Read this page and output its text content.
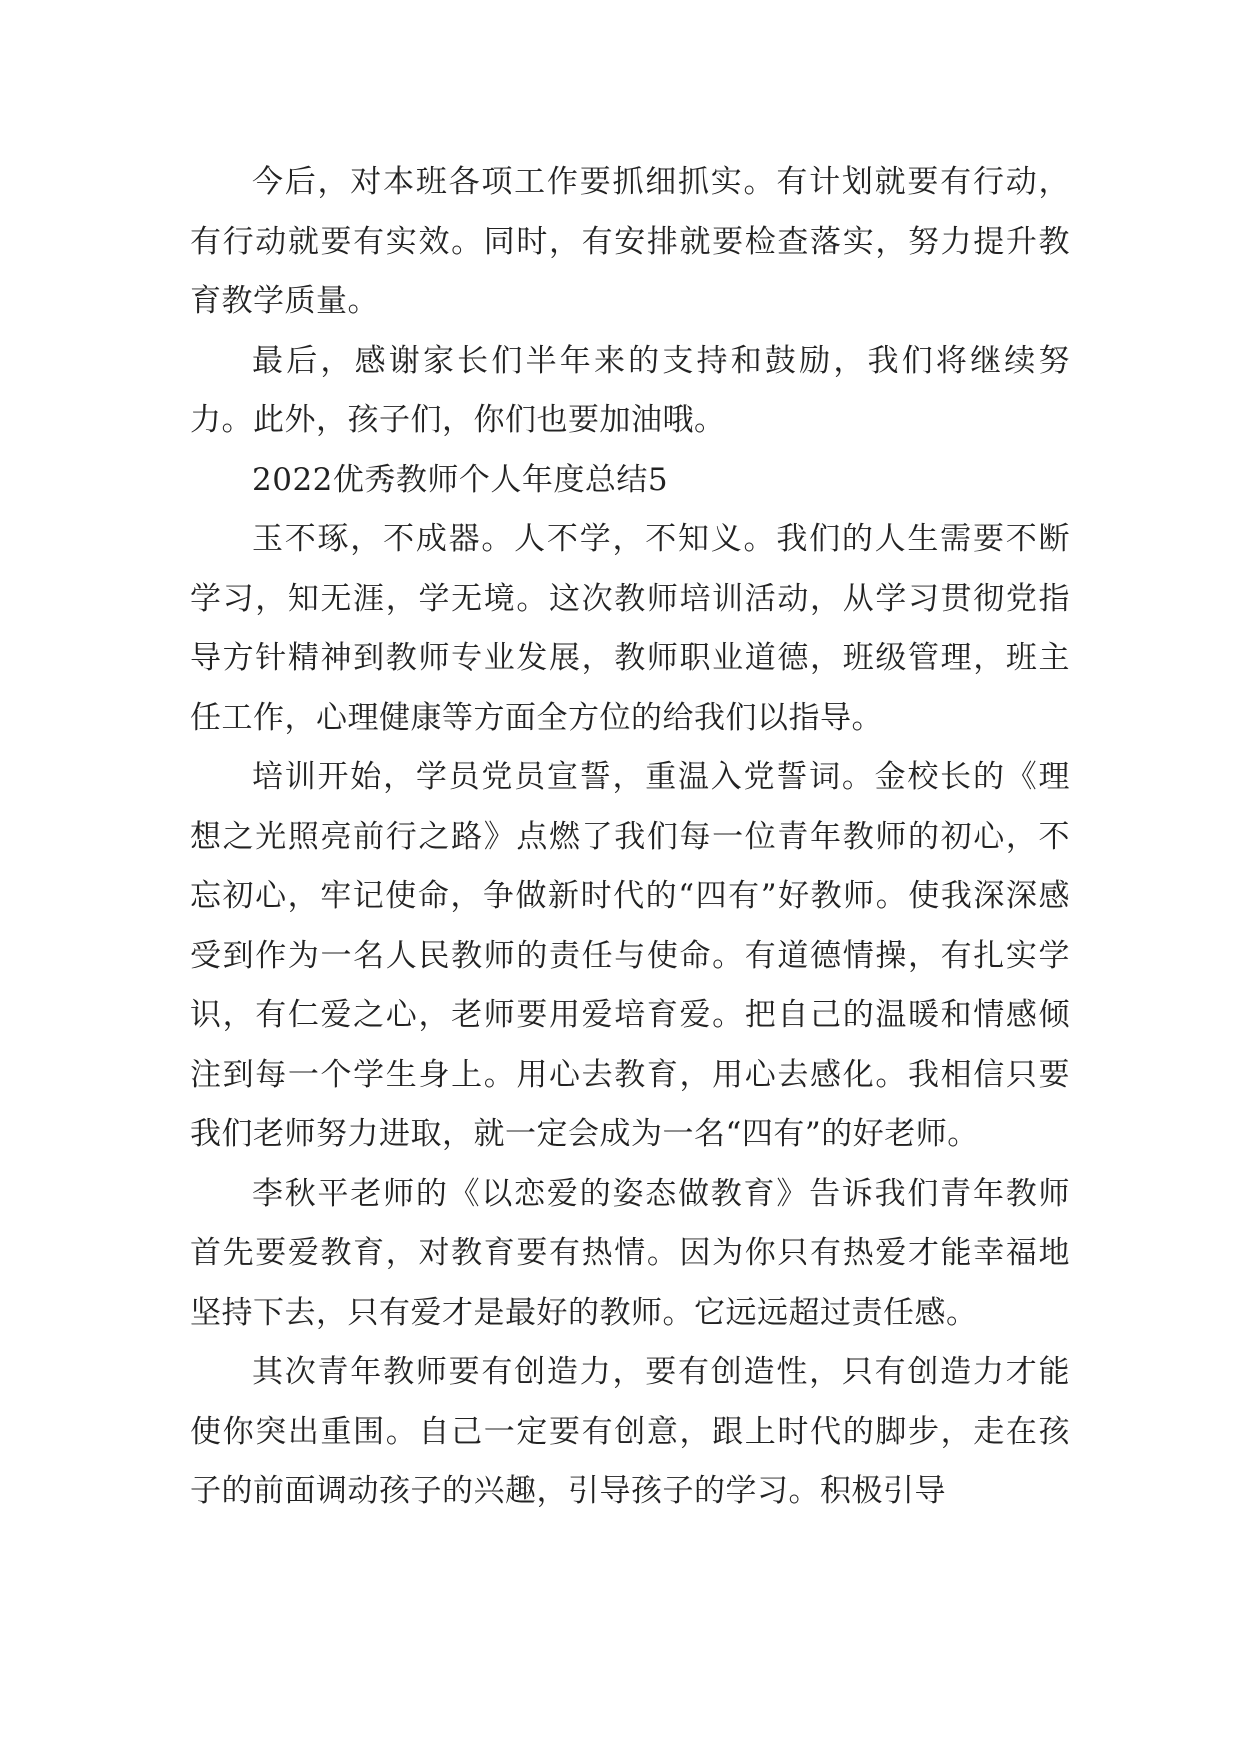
今后，对本班各项工作要抓细抓实。有计划就要有行动，有行动就要有实效。同时，有安排就要检查落实，努力提升教育教学质量。

最后，感谢家长们半年来的支持和鼓励，我们将继续努力。此外，孩子们，你们也要加油哦。

2022优秀教师个人年度总结5

玉不琢，不成器。人不学，不知义。我们的人生需要不断学习，知无涯，学无境。这次教师培训活动，从学习贯彻党指导方针精神到教师专业发展，教师职业道德，班级管理，班主任工作，心理健康等方面全方位的给我们以指导。

培训开始，学员党员宣誓，重温入党誓词。金校长的《理想之光照亮前行之路》点燃了我们每一位青年教师的初心，不忘初心，牢记使命，争做新时代的“四有”好教师。使我深深感受到作为一名人民教师的责任与使命。有道德情操，有扎实学识，有仁爱之心，老师要用爱培育爱。把自己的温暖和情感倾注到每一个学生身上。用心去教育，用心去感化。我相信只要我们老师努力进取，就一定会成为一名“四有”的好老师。

李秋平老师的《以恋爱的姿态做教育》告诉我们青年教师首先要爱教育，对教育要有热情。因为你只有热爱才能幸福地坚持下去，只有爱才是最好的教师。它远远超过责任感。

其次青年教师要有创造力，要有创造性，只有创造力才能使你突出重围。自己一定要有创意，跟上时代的脚步，走在孩子的前面调动孩子的兴趣，引导孩子的学习。积极引导
